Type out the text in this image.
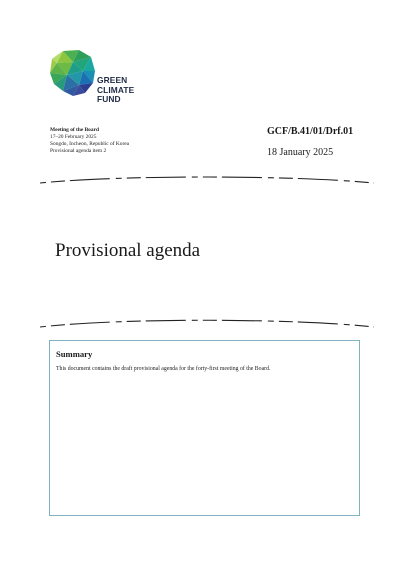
GREEN
CLIMATE
FUND
Meeting of the Board
17–20 February 2025
Songdo, Incheon, Republic of Korea
Provisional agenda item 2
GCF/B.41/01/Drf.01
18 January 2025
Provisional agenda
Summary
This document contains the draft provisional agenda for the forty-first meeting of the Board.
